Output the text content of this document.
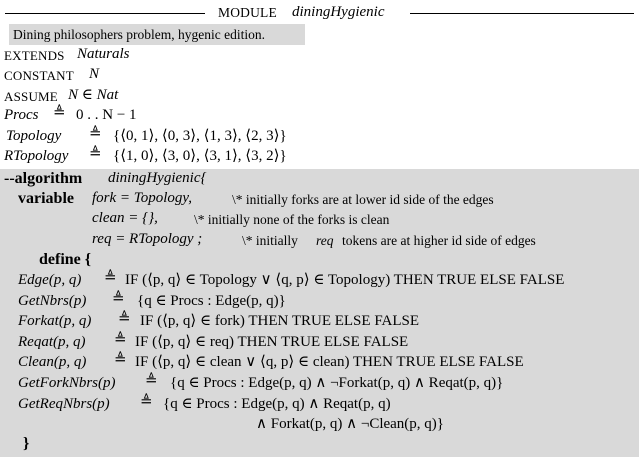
MODULE diningHygienic
Dining philosophers problem, hygenic edition.
EXTENDS Naturals
CONSTANT N
ASSUME N ∈ Nat
Procs ≜ 0 . . N − 1
Topology ≜ {⟨0, 1⟩, ⟨0, 3⟩, ⟨1, 3⟩, ⟨2, 3⟩}
RTopology ≜ {⟨1, 0⟩, ⟨3, 0⟩, ⟨3, 1⟩, ⟨3, 2⟩}
--algorithm diningHygienic{
variable fork = Topology,	\* initially forks are at lower id side of the edges
clean = {},	\* initially none of the forks is clean
req = RTopology ;	\* initially req tokens are at higher id side of edges
define {
Edge(p, q) ≜ IF (⟨p, q⟩ ∈ Topology ∨ ⟨q, p⟩ ∈ Topology) THEN TRUE ELSE FALSE
GetNbrs(p) ≜ {q ∈ Procs : Edge(p, q)}
Forkat(p, q) ≜ IF (⟨p, q⟩ ∈ fork) THEN TRUE ELSE FALSE
Reqat(p, q) ≜ IF (⟨p, q⟩ ∈ req) THEN TRUE ELSE FALSE
Clean(p, q) ≜ IF (⟨p, q⟩ ∈ clean ∨ ⟨q, p⟩ ∈ clean) THEN TRUE ELSE FALSE
GetForkNbrs(p) ≜ {q ∈ Procs : Edge(p, q) ∧ ¬Forkat(p, q) ∧ Reqat(p, q)}
GetReqNbrs(p) ≜ {q ∈ Procs : Edge(p, q) ∧ Reqat(p, q)
∧ Forkat(p, q) ∧ ¬Clean(p, q)}
}
